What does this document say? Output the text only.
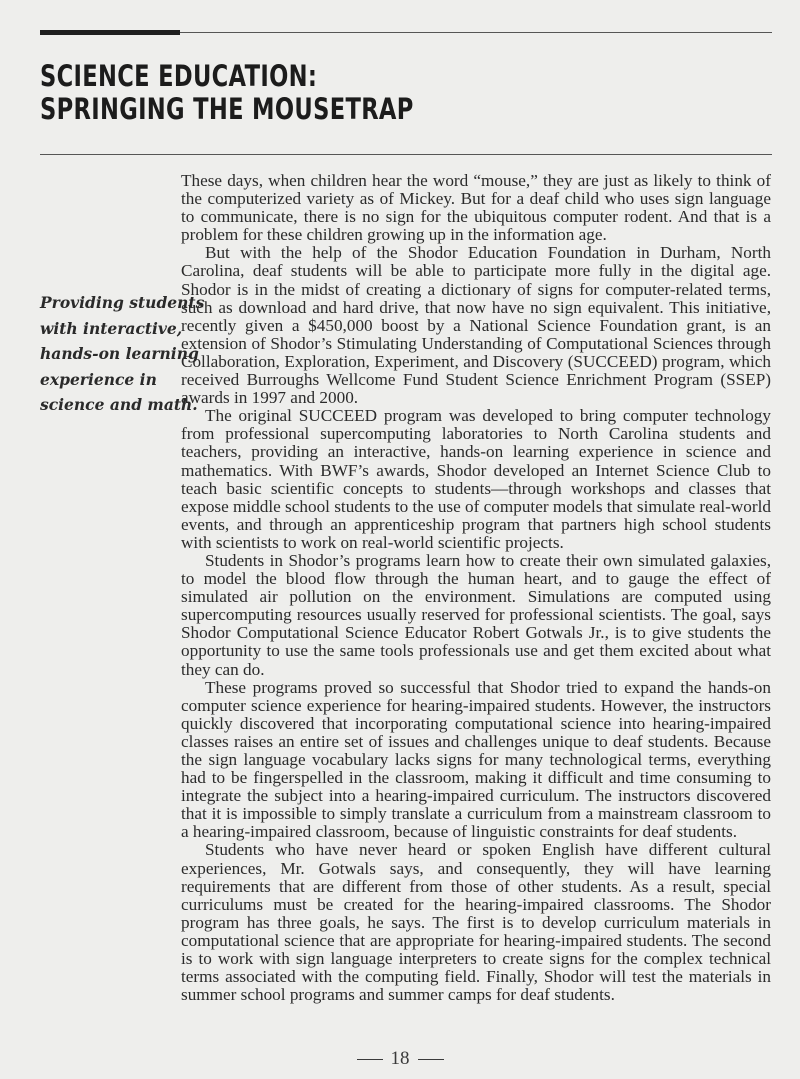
SCIENCE EDUCATION:
SPRINGING THE MOUSETRAP
Providing students
with interactive,
hands-on learning
experience in
science and math.

These days, when children hear the word “mouse,” they are just as likely to think of the computerized variety as of Mickey. But for a deaf child who uses sign language to communicate, there is no sign for the ubiquitous computer rodent. And that is a problem for these children growing up in the information age.

But with the help of the Shodor Education Foundation in Durham, North Carolina, deaf students will be able to participate more fully in the digital age. Shodor is in the midst of creating a dictionary of signs for computer-related terms, such as download and hard drive, that now have no sign equivalent. This initiative, recently given a $450,000 boost by a National Science Foundation grant, is an extension of Shodor’s Stimulating Understanding of Computational Sciences through Collaboration, Exploration, Experiment, and Discovery (SUCCEED) program, which received Burroughs Wellcome Fund Student Science Enrichment Program (SSEP) awards in 1997 and 2000.

The original SUCCEED program was developed to bring computer technology from professional supercomputing laboratories to North Carolina students and teachers, providing an interactive, hands-on learning experience in science and mathematics. With BWF’s awards, Shodor developed an Internet Science Club to teach basic scientific concepts to students—through workshops and classes that expose middle school students to the use of computer models that simulate real-world events, and through an apprenticeship program that partners high school students with scientists to work on real-world scientific projects.

Students in Shodor’s programs learn how to create their own simulated galaxies, to model the blood flow through the human heart, and to gauge the effect of simulated air pollution on the environment. Simulations are computed using supercomputing resources usually reserved for professional scientists. The goal, says Shodor Computational Science Educator Robert Gotwals Jr., is to give students the opportunity to use the same tools professionals use and get them excited about what they can do.

These programs proved so successful that Shodor tried to expand the hands-on computer science experience for hearing-impaired students. However, the instructors quickly discovered that incorporating computational science into hearing-impaired classes raises an entire set of issues and challenges unique to deaf students. Because the sign language vocabulary lacks signs for many technological terms, everything had to be fingerspelled in the classroom, making it difficult and time consuming to integrate the subject into a hearing-impaired curriculum. The instructors discovered that it is impossible to simply translate a curriculum from a mainstream classroom to a hearing-impaired classroom, because of linguistic constraints for deaf students.

Students who have never heard or spoken English have different cultural experiences, Mr. Gotwals says, and consequently, they will have learning requirements that are different from those of other students. As a result, special curriculums must be created for the hearing-impaired classrooms. The Shodor program has three goals, he says. The first is to develop curriculum materials in computational science that are appropriate for hearing-impaired students. The second is to work with sign language interpreters to create signs for the complex technical terms associated with the computing field. Finally, Shodor will test the materials in summer school programs and summer camps for deaf students.

18
